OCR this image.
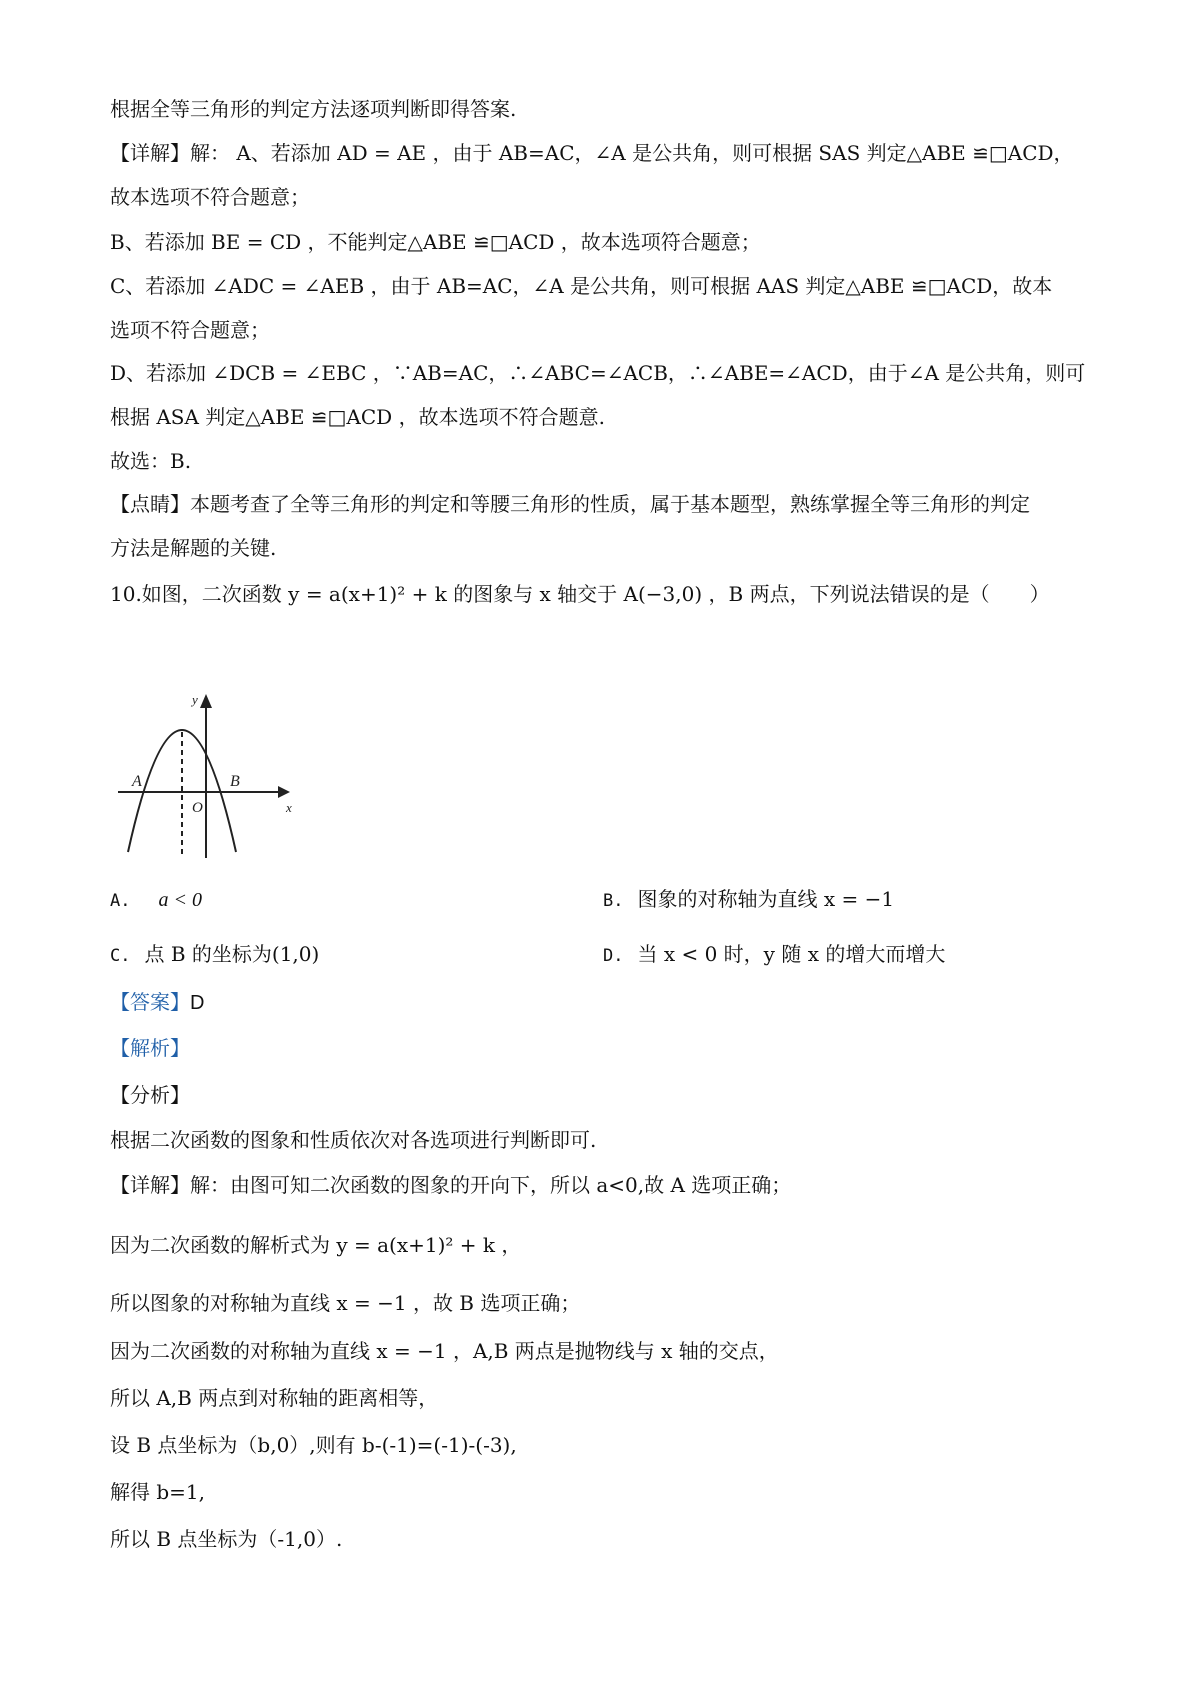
根据全等三角形的判定方法逐项判断即得答案.
【详解】解： A、若添加 AD = AE ，由于 AB=AC，∠A 是公共角，则可根据 SAS 判定△ABE ≌□ACD，
故本选项不符合题意；
B、若添加 BE = CD ，不能判定△ABE ≌□ACD ，故本选项符合题意；
C、若添加 ∠ADC = ∠AEB ，由于 AB=AC，∠A 是公共角，则可根据 AAS 判定△ABE ≌□ACD，故本
选项不符合题意；
D、若添加 ∠DCB = ∠EBC ，∵AB=AC，∴∠ABC=∠ACB，∴∠ABE=∠ACD，由于∠A 是公共角，则可
根据 ASA 判定△ABE ≌□ACD ，故本选项不符合题意.
故选：B.
【点睛】本题考查了全等三角形的判定和等腰三角形的性质，属于基本题型，熟练掌握全等三角形的判定
方法是解题的关键.
10.如图，二次函数 y = a(x+1)² + k 的图象与 x 轴交于 A(−3,0) ，B 两点，下列说法错误的是（　　）
A	B
O
y
x
A. a < 0	B. 图象的对称轴为直线 x = −1
C. 点 B 的坐标为(1,0)	D. 当 x < 0 时，y 随 x 的增大而增大
【答案】D
【解析】
【分析】
根据二次函数的图象和性质依次对各选项进行判断即可.
【详解】解：由图可知二次函数的图象的开向下，所以 a<0,故 A 选项正确；
因为二次函数的解析式为 y = a(x+1)² + k ，
所以图象的对称轴为直线 x = −1 ，故 B 选项正确；
因为二次函数的对称轴为直线 x = −1 ，A,B 两点是抛物线与 x 轴的交点，
所以 A,B 两点到对称轴的距离相等，
设 B 点坐标为（b,0）,则有 b-(-1)=(-1)-(-3),
解得 b=1,
所以 B 点坐标为（-1,0）.
